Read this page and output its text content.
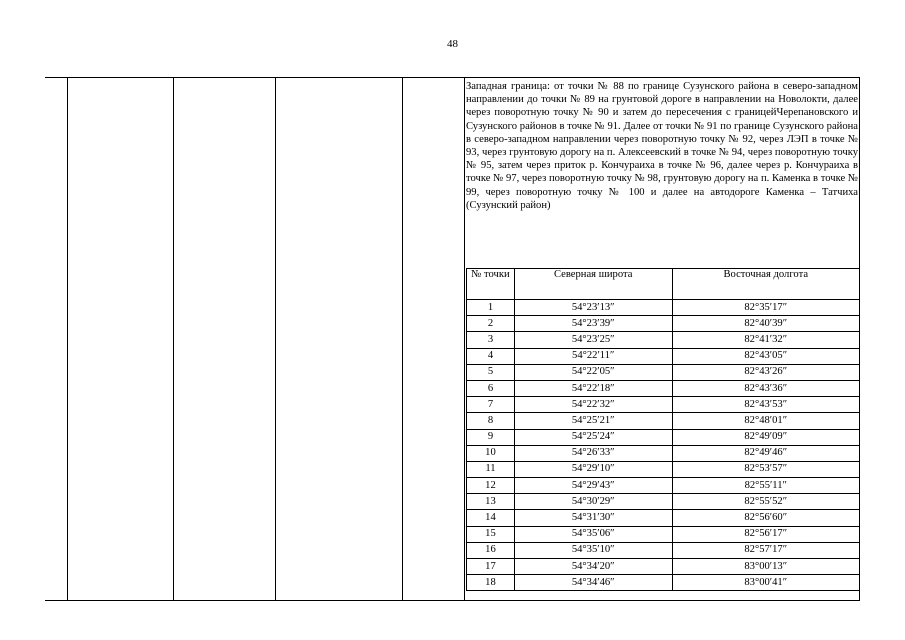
48
Западная граница: от точки № 88 по границе Сузунского района в северо-западном направлении до точки № 89 на грунтовой дороге в направлении на Новолокти, далее через поворотную точку № 90 и затем до пересечения с границейЧерепановского и Сузунского районов в точке № 91. Далее от точки № 91 по границе Сузунского района в северо-западном направлении через поворотную точку № 92, через ЛЭП в точке № 93, через грунтовую дорогу на п. Алексеевский в точке № 94, через поворотную точку № 95, затем через приток р. Кончураиха в точке № 96, далее через р. Кончураиха в точке № 97, через поворотную точку № 98, грунтовую дорогу на п. Каменка в точке № 99, через поворотную точку № 100 и далее на автодороге Каменка – Татчиха (Сузунский район)
№ точки	Северная широта	Восточная долгота
1	54°23′13″	82°35′17″
2	54°23′39″	82°40′39″
3	54°23′25″	82°41′32″
4	54°22′11″	82°43′05″
5	54°22′05″	82°43′26″
6	54°22′18″	82°43′36″
7	54°22′32″	82°43′53″
8	54°25′21″	82°48′01″
9	54°25′24″	82°49′09″
10	54°26′33″	82°49′46″
11	54°29′10″	82°53′57″
12	54°29′43″	82°55′11″
13	54°30′29″	82°55′52″
14	54°31′30″	82°56′60″
15	54°35′06″	82°56′17″
16	54°35′10″	82°57′17″
17	54°34′20″	83°00′13″
18	54°34′46″	83°00′41″
